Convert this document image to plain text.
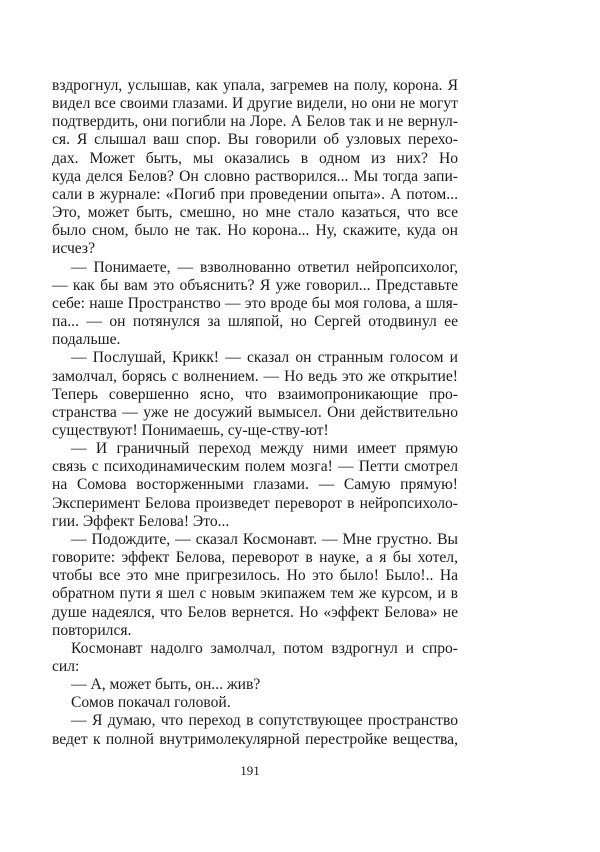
вздрогнул, услышав, как упала, загремев на полу, корона. Я
видел все своими глазами. И другие видели, но они не могут
подтвердить, они погибли на Лоре. А Белов так и не вернул-
ся. Я слышал ваш спор. Вы говорили об узловых перехо-
дах. Может быть, мы оказались в одном из них? Но
куда делся Белов? Он словно растворился... Мы тогда запи-
сали в журнале: «Погиб при проведении опыта». А потом...
Это, может быть, смешно, но мне стало казаться, что все
было сном, было не так. Но корона... Ну, скажите, куда он
исчез?
— Понимаете, — взволнованно ответил нейропсихолог,
— как бы вам это объяснить? Я уже говорил... Представьте
себе: наше Пространство — это вроде бы моя голова, а шля-
па... — он потянулся за шляпой, но Сергей отодвинул ее
подальше.
— Послушай, Крикк! — сказал он странным голосом и
замолчал, борясь с волнением. — Но ведь это же открытие!
Теперь совершенно ясно, что взаимопроникающие про-
странства — уже не досужий вымысел. Они действительно
существуют! Понимаешь, су-ще-ству-ют!
— И граничный переход между ними имеет прямую
связь с психодинамическим полем мозга! — Петти смотрел
на Сомова восторженными глазами. — Самую прямую!
Эксперимент Белова произведет переворот в нейропсихоло-
гии. Эффект Белова! Это...
— Подождите, — сказал Космонавт. — Мне грустно. Вы
говорите: эффект Белова, переворот в науке, а я бы хотел,
чтобы все это мне пригрезилось. Но это было! Было!.. На
обратном пути я шел с новым экипажем тем же курсом, и в
душе надеялся, что Белов вернется. Но «эффект Белова» не
повторился.
Космонавт надолго замолчал, потом вздрогнул и спро-
сил:
— А, может быть, он... жив?
Сомов покачал головой.
— Я думаю, что переход в сопутствующее пространство
ведет к полной внутримолекулярной перестройке вещества,
191
